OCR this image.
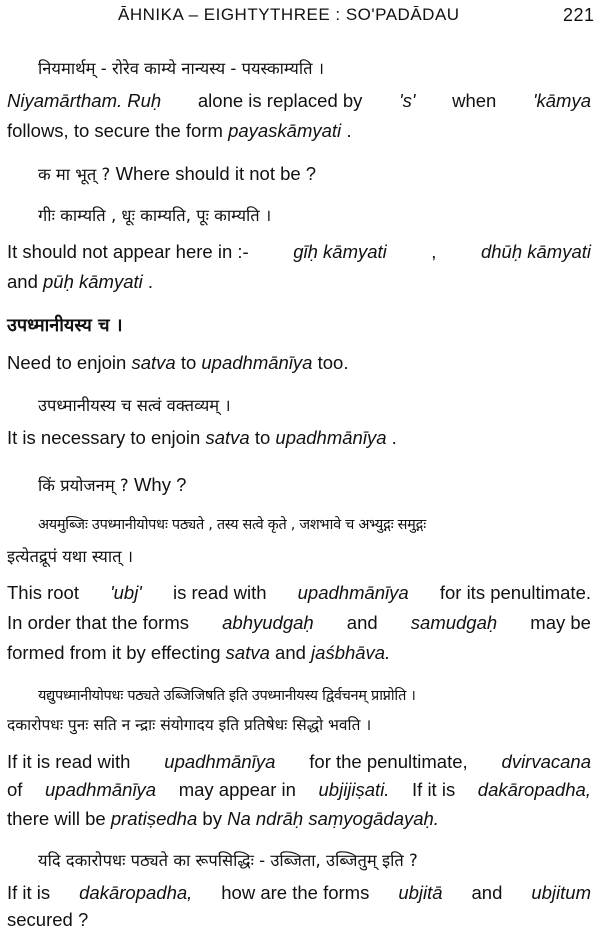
ĀHNIKA – EIGHTYTHREE : SO'PADĀDAU	221
नियमार्थम् - रोरेव काम्ये नान्यस्य - पयस्काम्यति ।
Niyamārtham. Ruḥ alone is replaced by 's' when 'kāmya
follows, to secure the form payaskāmyati .
क मा भूत् ? Where should it not be ?
गीः काम्यति , धूः काम्यति, पूः काम्यति ।
It should not appear here in :- gīḥ kāmyati , dhūḥ kāmyati
and pūḥ kāmyati .
उपध्मानीयस्य च ।
Need to enjoin satva to upadhmānīya too.
उपध्मानीयस्य च सत्वं वक्तव्यम् ।
It is necessary to enjoin satva to upadhmānīya .
किं प्रयोजनम् ? Why ?
अयमुब्जिः उपध्मानीयोपधः पठ्यते , तस्य सत्वे कृते , जशभावे च अभ्युद्गः समुद्गः
इत्येतद्रूपं यथा स्यात् ।
This root 'ubj' is read with upadhmānīya for its penultimate.
In order that the forms abhyudgaḥ and samudgaḥ may be
formed from it by effecting satva and jaśbhāva.
यद्युपध्मानीयोपधः पठ्यते उब्जिजिषति इति उपध्मानीयस्य द्विर्वचनम् प्राप्नोति ।
दकारोपधः पुनः सति न न्द्राः संयोगादय इति प्रतिषेधः सिद्धो भवति ।
If it is read with upadhmānīya for the penultimate, dvirvacana
of upadhmānīya may appear in ubjijiṣati. If it is dakāropadha,
there will be pratiṣedha by Na ndrāḥ saṃyogādayaḥ.
यदि दकारोपधः पठ्यते का रूपसिद्धिः - उब्जिता, उब्जितुम् इति ?
If it is dakāropadha, how are the forms ubjitā and ubjitum
secured ?
